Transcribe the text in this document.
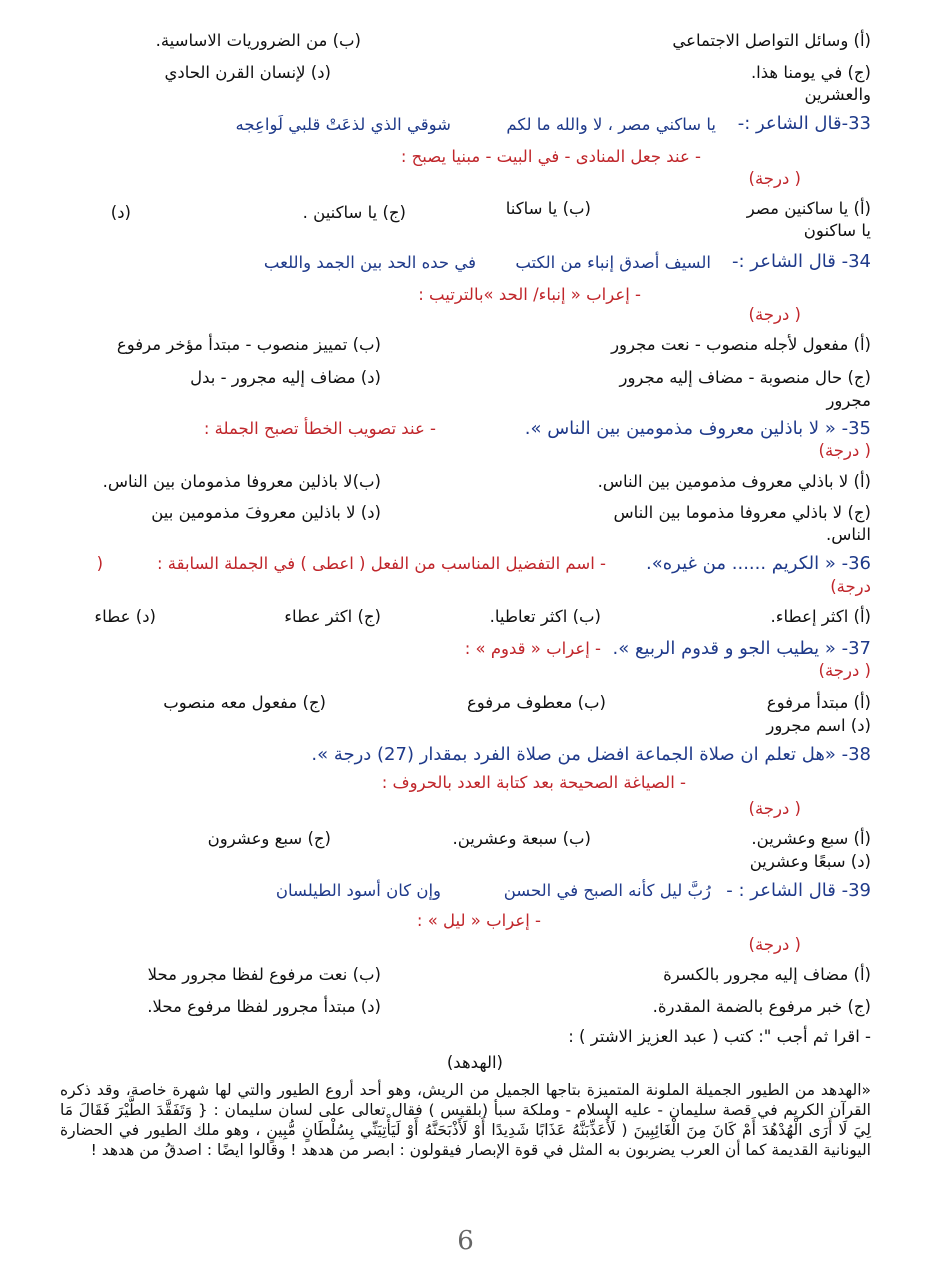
(أ) وسائل التواصل الاجتماعي
(ب) من الضروريات الاساسية.
(ج) في يومنا هذا.
(د) لإنسان القرن الحادي
والعشرين
33-قال الشاعر :-
يا ساكني مصر ، لا والله ما لكم
شوقي الذي لذعَتْ قلبي لَواعِجه
- عند جعل المنادى - في البيت - مبنيا يصبح :
( درجة)
(أ) يا ساكنين مصر
(ب) يا ساكنا
(ج) يا ساكنين .
(د)
يا ساكنون
34- قال الشاعر :-
السيف أصدق إنباء من الكتب
في حده الحد بين الجمد واللعب
- إعراب « إنباء/ الحد »بالترتيب :
( درجة)
(أ) مفعول لأجله منصوب - نعت مجرور
(ب) تمييز منصوب - مبتدأ مؤخر مرفوع
(ج) حال منصوبة - مضاف إليه مجرور
(د) مضاف إليه مجرور - بدل
مجرور
35- « لا باذلين معروف مذمومين بين الناس ».
- عند تصويب الخطأ تصبح الجملة :
( درجة)
(أ) لا باذلي معروف مذمومين بين الناس.
(ب)لا باذلين معروفا مذمومان بين الناس.
(ج) لا باذلي معروفا مذموما بين الناس
(د) لا باذلين معروفَ مذمومين بين
الناس.
36- « الكريم ...... من غيره».
- اسم التفضيل المناسب من الفعل ( اعطى ) في الجملة السابقة :
(
درجة)
(أ) اكثر إعطاء.
(ب) اكثر تعاطيا.
(ج) اكثر عطاء
(د) عطاء
37- « يطيب الجو و قدوم الربيع ».
- إعراب « قدوم » :
( درجة)
(أ) مبتدأ مرفوع
(ب) معطوف مرفوع
(ج) مفعول معه منصوب
(د) اسم مجرور
38- «هل تعلم ان صلاة الجماعة افضل من صلاة الفرد بمقدار (27) درجة ».
- الصياغة الصحيحة بعد كتابة العدد بالحروف :
( درجة)
(أ) سبع وعشرين.
(ب) سبعة وعشرين.
(ج) سبع وعشرون
(د) سبعًا وعشرين
39- قال الشاعر : -
رُبَّ ليل كأنه الصبح في الحسن
وإن كان أسود الطيلسان
- إعراب « ليل » :
( درجة)
(أ) مضاف إليه مجرور بالكسرة
(ب) نعت مرفوع لفظا مجرور محلا
(ج) خبر مرفوع بالضمة المقدرة.
(د) مبتدأ مجرور لفظا مرفوع محلا.
- اقرا ثم أجب ": كتب ( عبد العزيز الاشتر ) :
(الهدهد)
«الهدهد من الطيور الجميلة الملونة المتميزة بتاجها الجميل من الريش، وهو أحد أروع الطيور والتي لها شهرة خاصة، وقد ذكره القرآن الكريم في قصة سليمان - عليه السلام - وملكة سبأ (بلقيس ) فقال تعالى على لسان سليمان : { وَتَفَقَّدَ الطَّيْرَ فَقَالَ مَا لِيَ لَا أَرَى الْهُدْهُدَ أَمْ كَانَ مِنَ الْغَائِبِينَ ( لَأُعَذِّبَنَّهُ عَذَابًا شَدِيدًا أَوْ لَأَذْبَحَنَّهُ أَوْ لَيَأْتِيَنِّي بِسُلْطَانٍ مُّبِينٍ ، وهو ملك الطيور في الحضارة اليونانية القديمة كما أن العرب يضربون به المثل في قوة الإبصار فيقولون : ابصر من هدهد ! وقالوا ايضًا : اصدقُ من هدهد !
6
